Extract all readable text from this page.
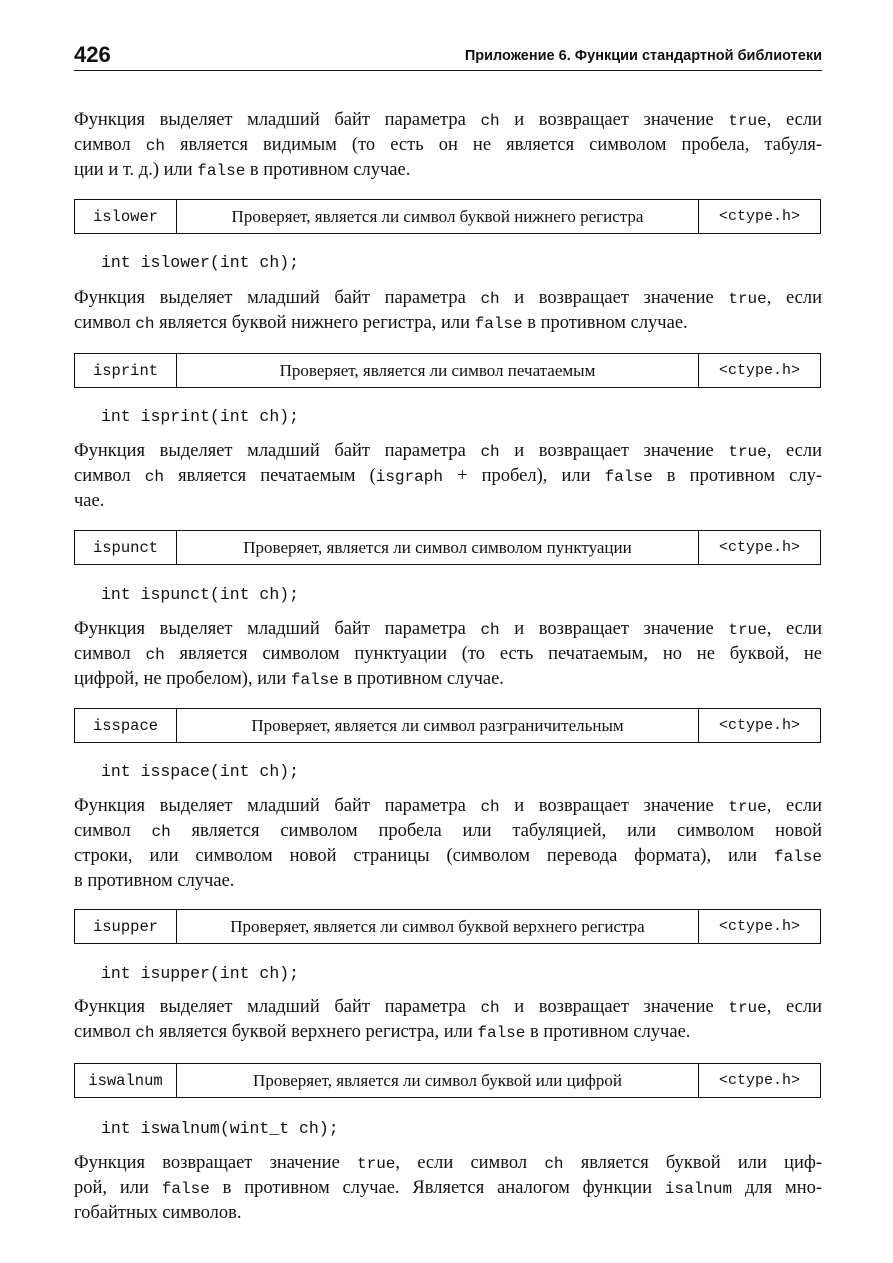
426	Приложение 6. Функции стандартной библиотеки

Функция выделяет младший байт параметра ch и возвращает значение true, если
символ ch является видимым (то есть он не является символом пробела, табуля-
ции и т. д.) или false в противном случае.

islower	Проверяет, является ли символ буквой нижнего регистра	<ctype.h>
int islower(int ch);

Функция выделяет младший байт параметра ch и возвращает значение true, если
символ ch является буквой нижнего регистра, или false в противном случае.

isprint	Проверяет, является ли символ печатаемым	<ctype.h>
int isprint(int ch);

Функция выделяет младший байт параметра ch и возвращает значение true, если
символ ch является печатаемым (isgraph + пробел), или false в противном слу-
чае.

ispunct	Проверяет, является ли символ символом пунктуации	<ctype.h>
int ispunct(int ch);

Функция выделяет младший байт параметра ch и возвращает значение true, если
символ ch является символом пунктуации (то есть печатаемым, но не буквой, не
цифрой, не пробелом), или false в противном случае.

isspace	Проверяет, является ли символ разграничительным	<ctype.h>
int isspace(int ch);

Функция выделяет младший байт параметра ch и возвращает значение true, если
символ ch является символом пробела или табуляцией, или символом новой
строки, или символом новой страницы (символом перевода формата), или false
в противном случае.

isupper	Проверяет, является ли символ буквой верхнего регистра	<ctype.h>
int isupper(int ch);

Функция выделяет младший байт параметра ch и возвращает значение true, если
символ ch является буквой верхнего регистра, или false в противном случае.

iswalnum	Проверяет, является ли символ буквой или цифрой	<ctype.h>
int iswalnum(wint_t ch);

Функция возвращает значение true, если символ ch является буквой или циф-
рой, или false в противном случае. Является аналогом функции isalnum для мно-
гобайтных символов.
